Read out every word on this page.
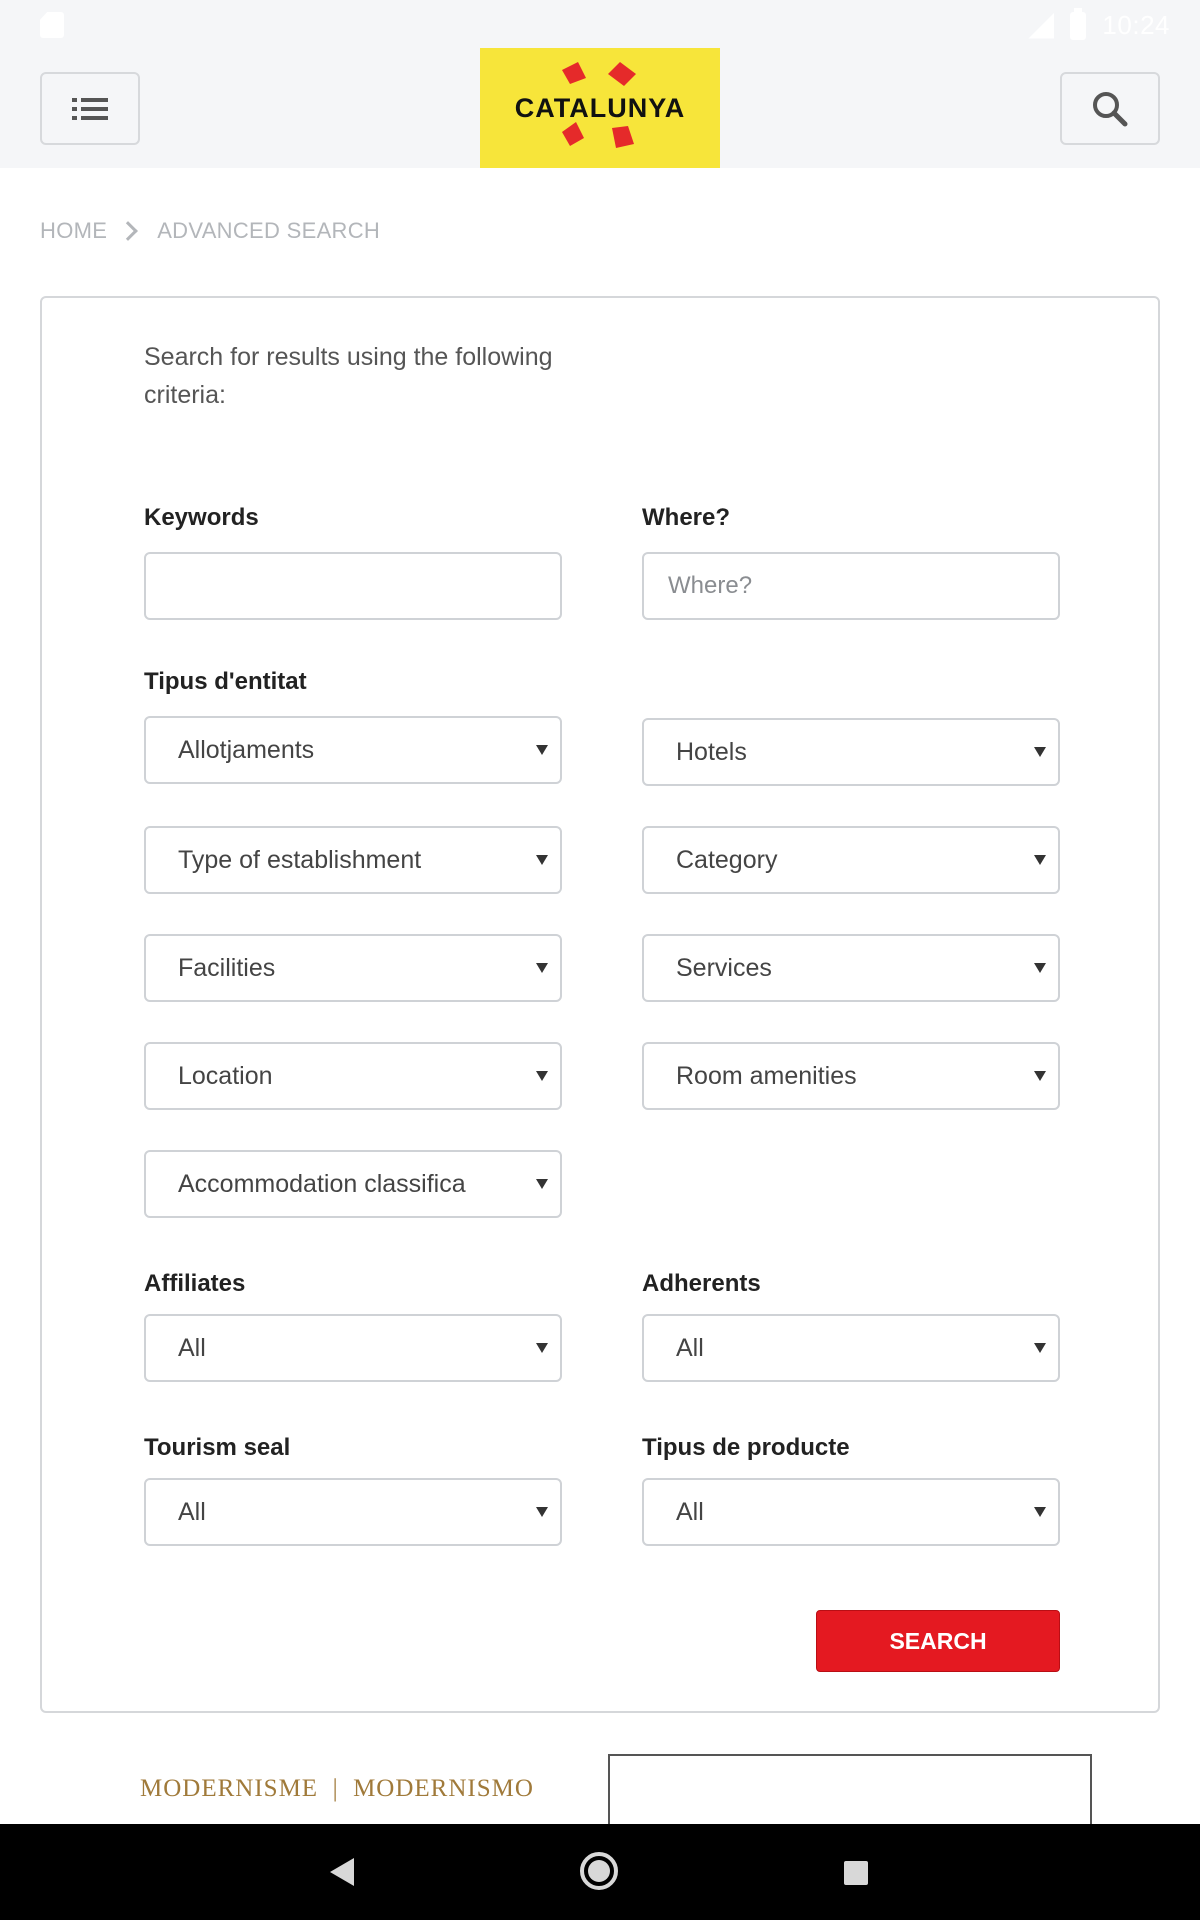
10:24
CATALUNYA
HOME ADVANCED SEARCH
Search for results using the following criteria:
Keywords	Where?
Where?
Tipus d'entitat
Allotjaments	Hotels
Type of establishment	Category
Facilities	Services
Location	Room amenities
Accommodation classifica
Affiliates
All
Adherents
All
Tourism seal
All
Tipus de producte
All
SEARCH
MODERNISME  |  MODERNISMO
